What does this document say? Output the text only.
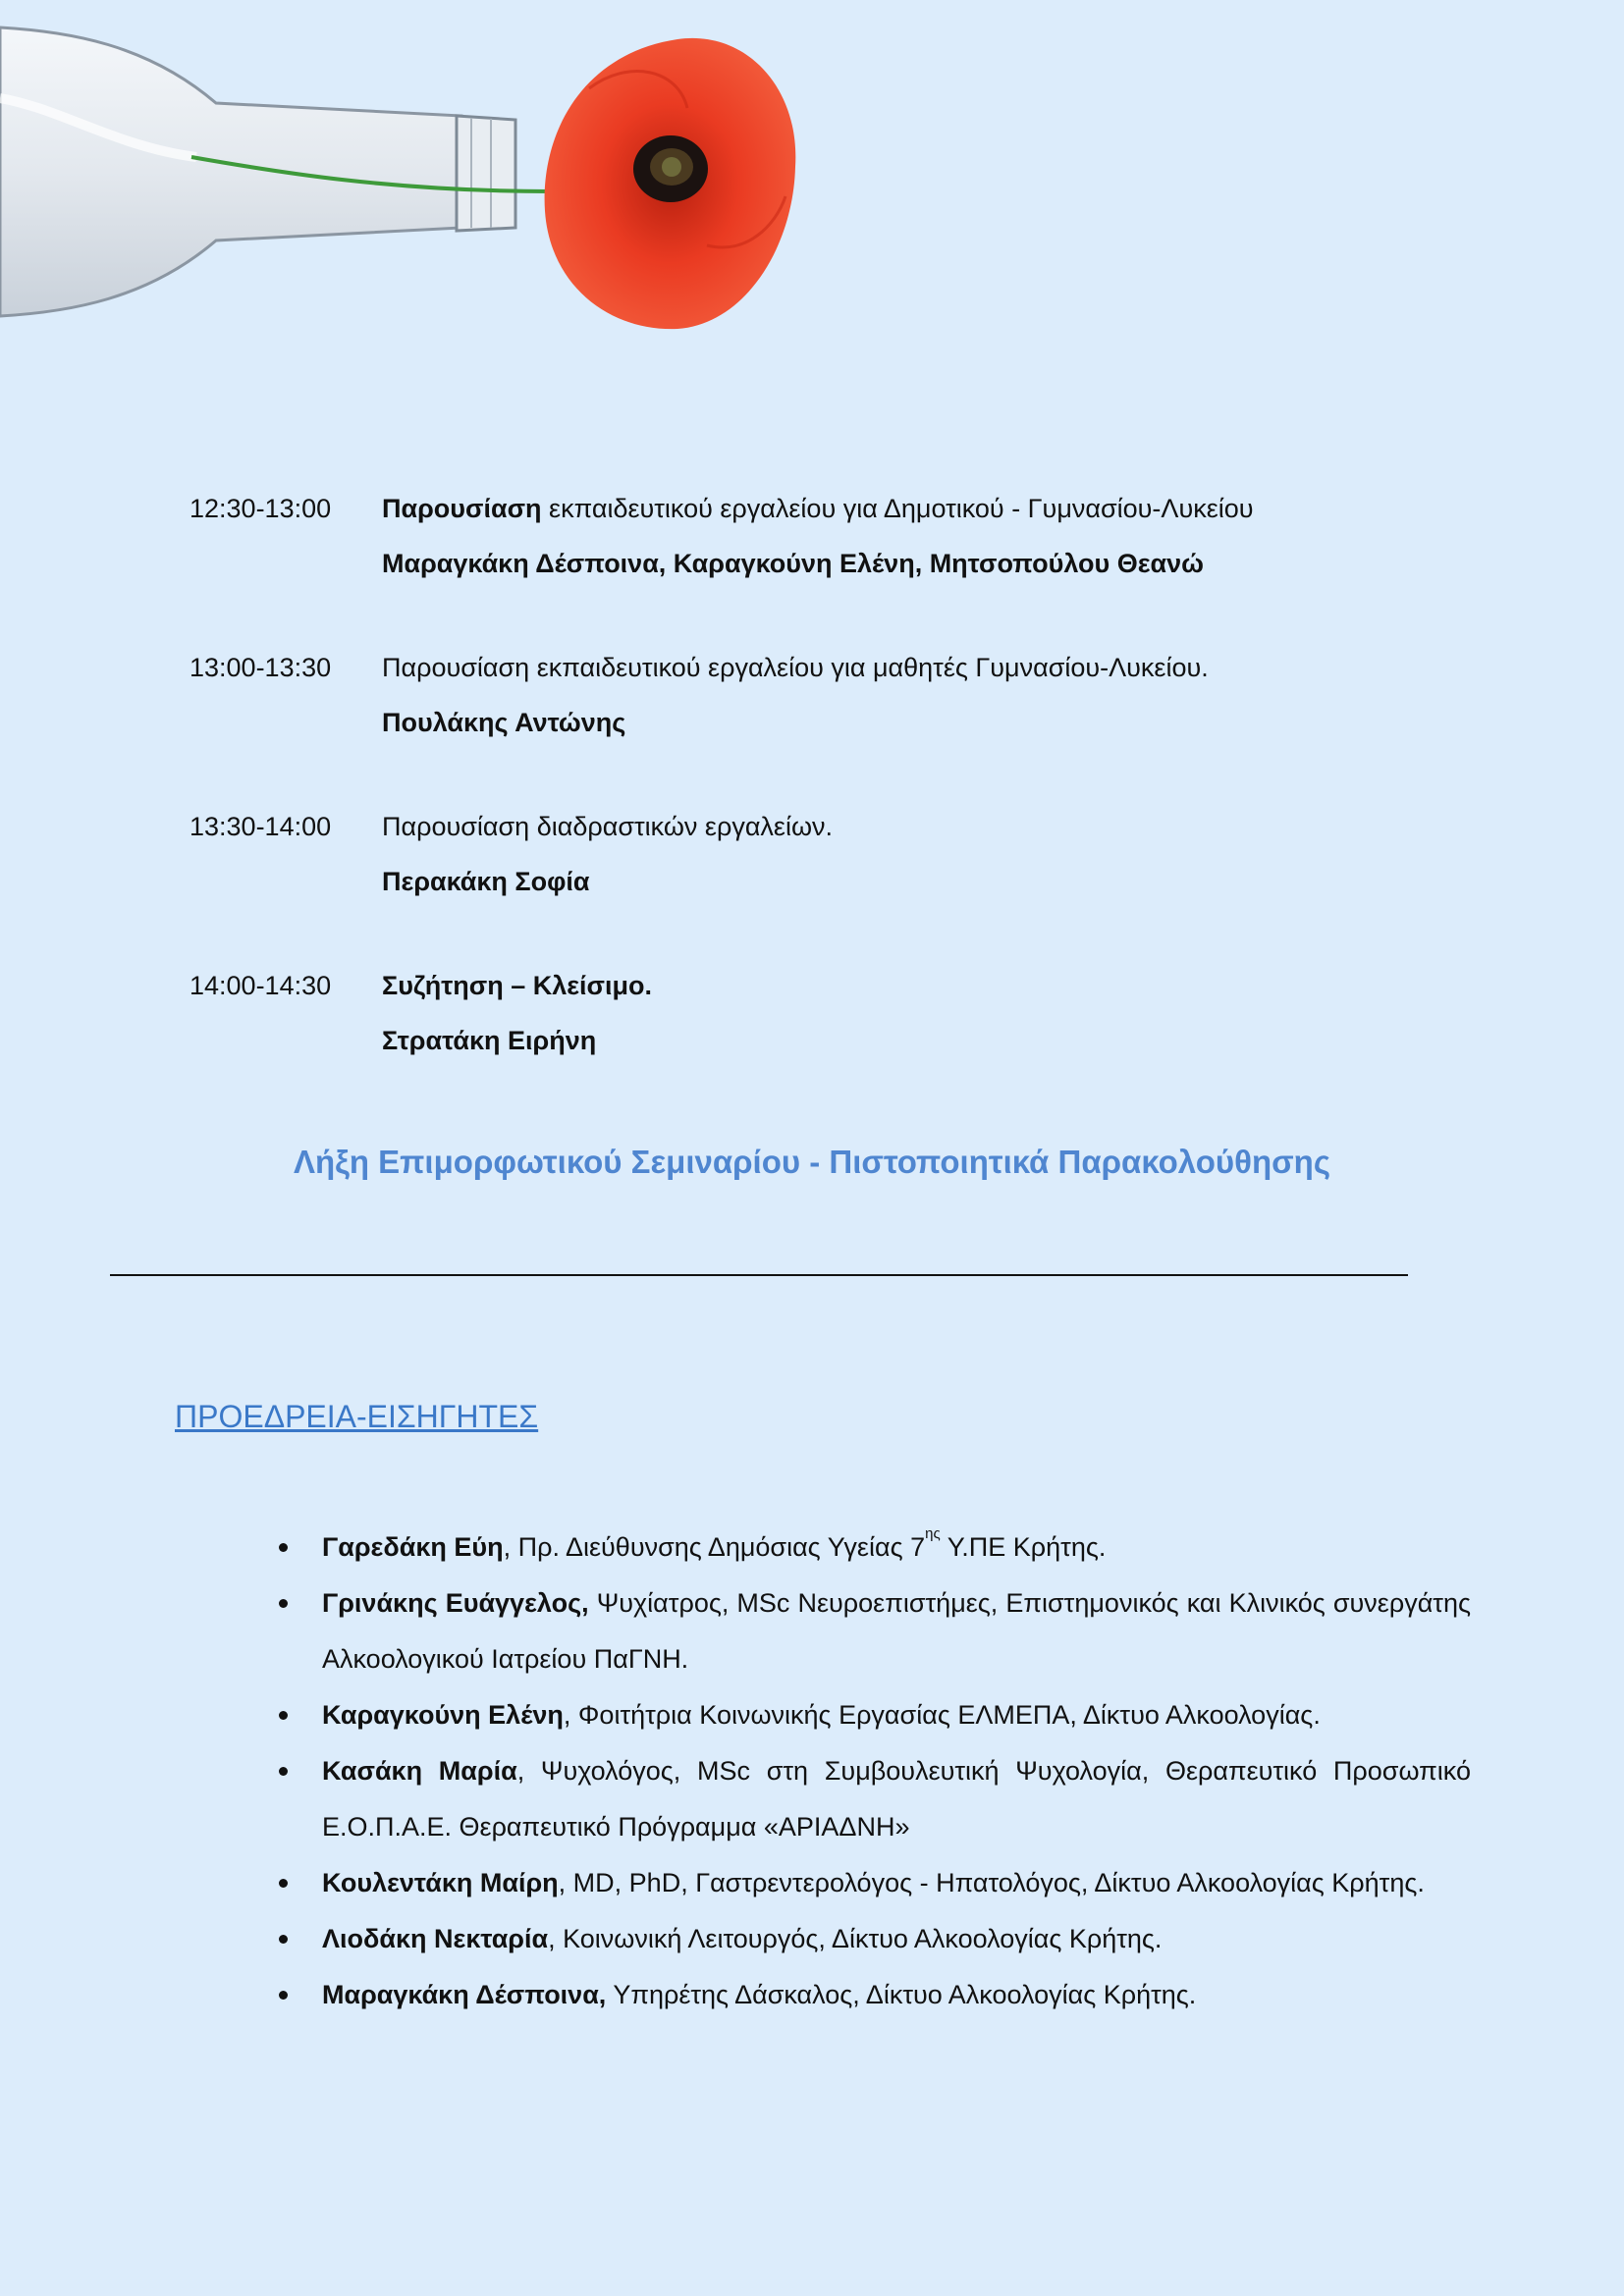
12:30-13:00	Παρουσίαση εκπαιδευτικού εργαλείου για Δημοτικού - Γυμνασίου-Λυκείου
Μαραγκάκη Δέσποινα, Καραγκούνη Ελένη, Μητσοπούλου Θεανώ
13:00-13:30	Παρουσίαση εκπαιδευτικού εργαλείου για μαθητές Γυμνασίου-Λυκείου.
Πουλάκης Αντώνης
13:30-14:00	Παρουσίαση διαδραστικών εργαλείων.
Περακάκη Σοφία
14:00-14:30	Συζήτηση – Κλείσιμο.
Στρατάκη Ειρήνη
Λήξη Επιμορφωτικού Σεμιναρίου - Πιστοποιητικά Παρακολούθησης
ΠΡΟΕΔΡΕΙΑ-ΕΙΣΗΓΗΤΕΣ
Γαρεδάκη Εύη, Πρ. Διεύθυνσης Δημόσιας Υγείας $7^{\eta\varsigma}$ Υ.ΠΕ Κρήτης.
Γρινάκης Ευάγγελος, Ψυχίατρος, MSc Νευροεπιστήμες, Επιστημονικός και Κλινικός συνεργάτης Αλκοολογικού Ιατρείου ΠαΓΝΗ.
Καραγκούνη Ελένη, Φοιτήτρια Κοινωνικής Εργασίας ΕΛΜΕΠΑ, Δίκτυο Αλκοολογίας.
Κασάκη Μαρία, Ψυχολόγος, MSc στη Συμβουλευτική Ψυχολογία, Θεραπευτικό Προσωπικό Ε.Ο.Π.Α.Ε. Θεραπευτικό Πρόγραμμα «ΑΡΙΑΔΝΗ»
Κουλεντάκη Μαίρη, MD, PhD, Γαστρεντερολόγος - Ηπατολόγος, Δίκτυο Αλκοολογίας Κρήτης.
Λιοδάκη Νεκταρία, Κοινωνική Λειτουργός, Δίκτυο Αλκοολογίας Κρήτης.
Μαραγκάκη Δέσποινα, Υπηρέτης Δάσκαλος, Δίκτυο Αλκοολογίας Κρήτης.
